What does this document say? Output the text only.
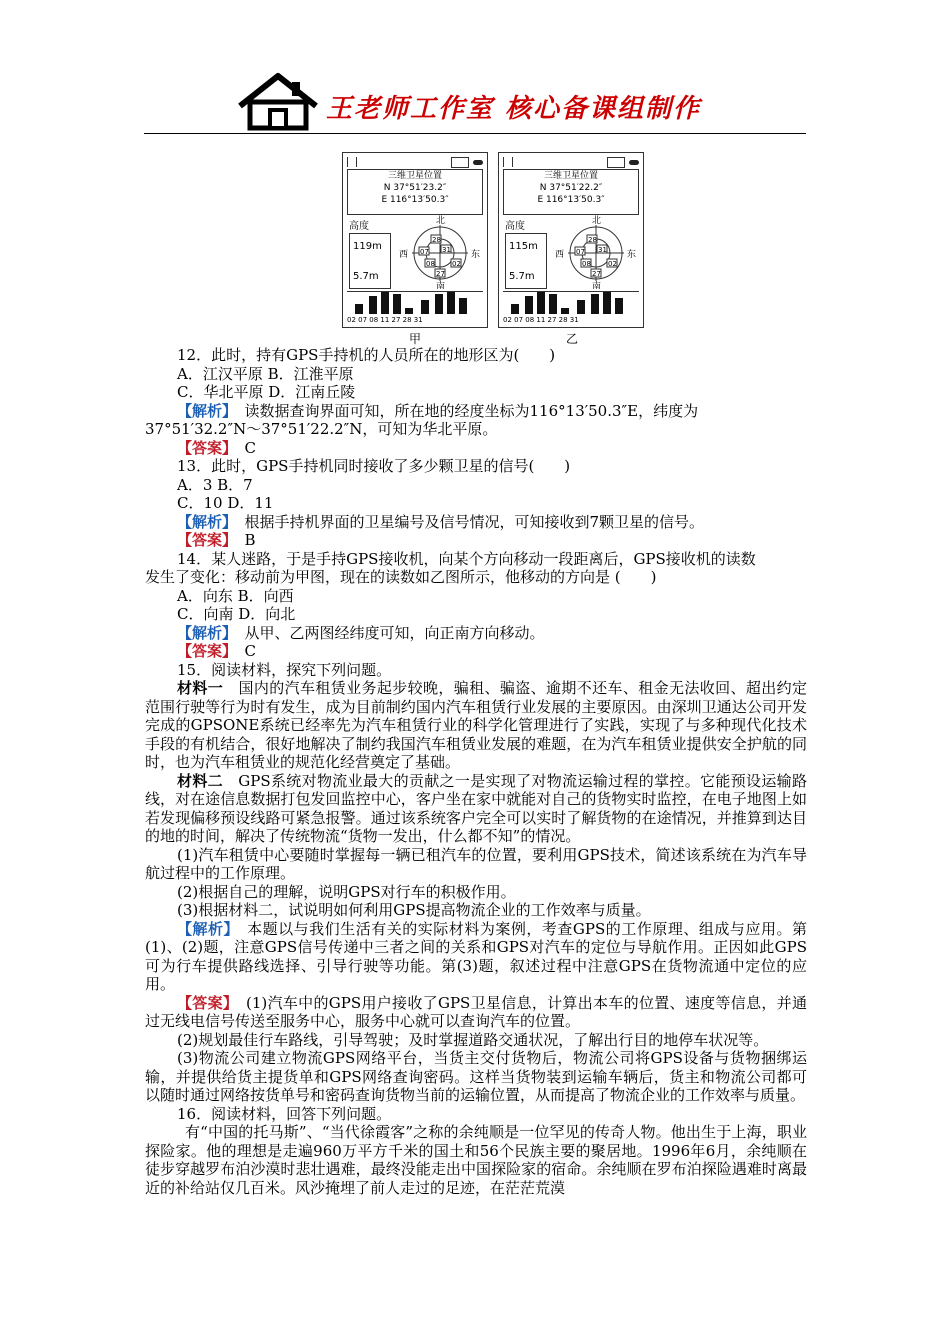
王老师工作室 核心备课组制作
三维卫星位置
N 37°51′23.2″
E 116°13′50.3″
高度
119m
5.7m
北
南
东
西
28
07 31
08 02
27
02 07 08 11 27 28 31
甲
三维卫星位置
N 37°51′22.2″
E 116°13′50.3″
高度
115m
5.7m
北
南
东
西
28
07 31
08 02
27
02 07 08 11 27 28 31
乙
12．此时，持有GPS手持机的人员所在的地形区为(　　)
A．江汉平原 B．江淮平原
C．华北平原 D．江南丘陵
【解析】　读数据查询界面可知，所在地的经度坐标为116°13′50.3″E，纬度为
37°51′32.2″N～37°51′22.2″N，可知为华北平原。
【答案】　C
13．此时，GPS手持机同时接收了多少颗卫星的信号(　　)
A．3 B．7
C．10 D．11
【解析】　根据手持机界面的卫星编号及信号情况，可知接收到7颗卫星的信号。
【答案】　B
14．某人迷路，于是手持GPS接收机，向某个方向移动一段距离后，GPS接收机的读数
发生了变化：移动前为甲图，现在的读数如乙图所示，他移动的方向是 (　　)
A．向东 B．向西
C．向南 D．向北
【解析】　从甲、乙两图经纬度可知，向正南方向移动。
【答案】　C
15．阅读材料，探究下列问题。
材料一　国内的汽车租赁业务起步较晚，骗租、骗盗、逾期不还车、租金无法收回、超出约定范围行驶等行为时有发生，成为目前制约国内汽车租赁行业发展的主要原因。由深圳卫通达公司开发完成的GPSONE系统已经率先为汽车租赁行业的科学化管理进行了实践，实现了与多种现代化技术手段的有机结合，很好地解决了制约我国汽车租赁业发展的难题，在为汽车租赁业提供安全护航的同时，也为汽车租赁业的规范化经营奠定了基础。
材料二　GPS系统对物流业最大的贡献之一是实现了对物流运输过程的掌控。它能预设运输路线，对在途信息数据打包发回监控中心，客户坐在家中就能对自己的货物实时监控，在电子地图上如若发现偏移预设线路可紧急报警。通过该系统客户完全可以实时了解货物的在途情况，并推算到达目的地的时间，解决了传统物流“货物一发出，什么都不知”的情况。
(1)汽车租赁中心要随时掌握每一辆已租汽车的位置，要利用GPS技术，简述该系统在为汽车导航过程中的工作原理。
(2)根据自己的理解，说明GPS对行车的积极作用。
(3)根据材料二，试说明如何利用GPS提高物流企业的工作效率与质量。
【解析】　本题以与我们生活有关的实际材料为案例，考查GPS的工作原理、组成与应用。第(1)、(2)题，注意GPS信号传递中三者之间的关系和GPS对汽车的定位与导航作用。正因如此GPS可为行车提供路线选择、引导行驶等功能。第(3)题，叙述过程中注意GPS在货物流通中定位的应用。
【答案】　(1)汽车中的GPS用户接收了GPS卫星信息，计算出本车的位置、速度等信息，并通过无线电信号传送至服务中心，服务中心就可以查询汽车的位置。
(2)规划最佳行车路线，引导驾驶；及时掌握道路交通状况，了解出行目的地停车状况等。
(3)物流公司建立物流GPS网络平台，当货主交付货物后，物流公司将GPS设备与货物捆绑运输，并提供给货主提货单和GPS网络查询密码。这样当货物装到运输车辆后，货主和物流公司都可以随时通过网络按货单号和密码查询货物当前的运输位置，从而提高了物流企业的工作效率与质量。
16．阅读材料，回答下列问题。
有“中国的托马斯”、“当代徐霞客”之称的余纯顺是一位罕见的传奇人物。他出生于上海，职业探险家。他的理想是走遍960万平方千米的国土和56个民族主要的聚居地。1996年6月，余纯顺在徒步穿越罗布泊沙漠时悲壮遇难，最终没能走出中国探险家的宿命。余纯顺在罗布泊探险遇难时离最近的补给站仅几百米。风沙掩埋了前人走过的足迹，在茫茫荒漠
